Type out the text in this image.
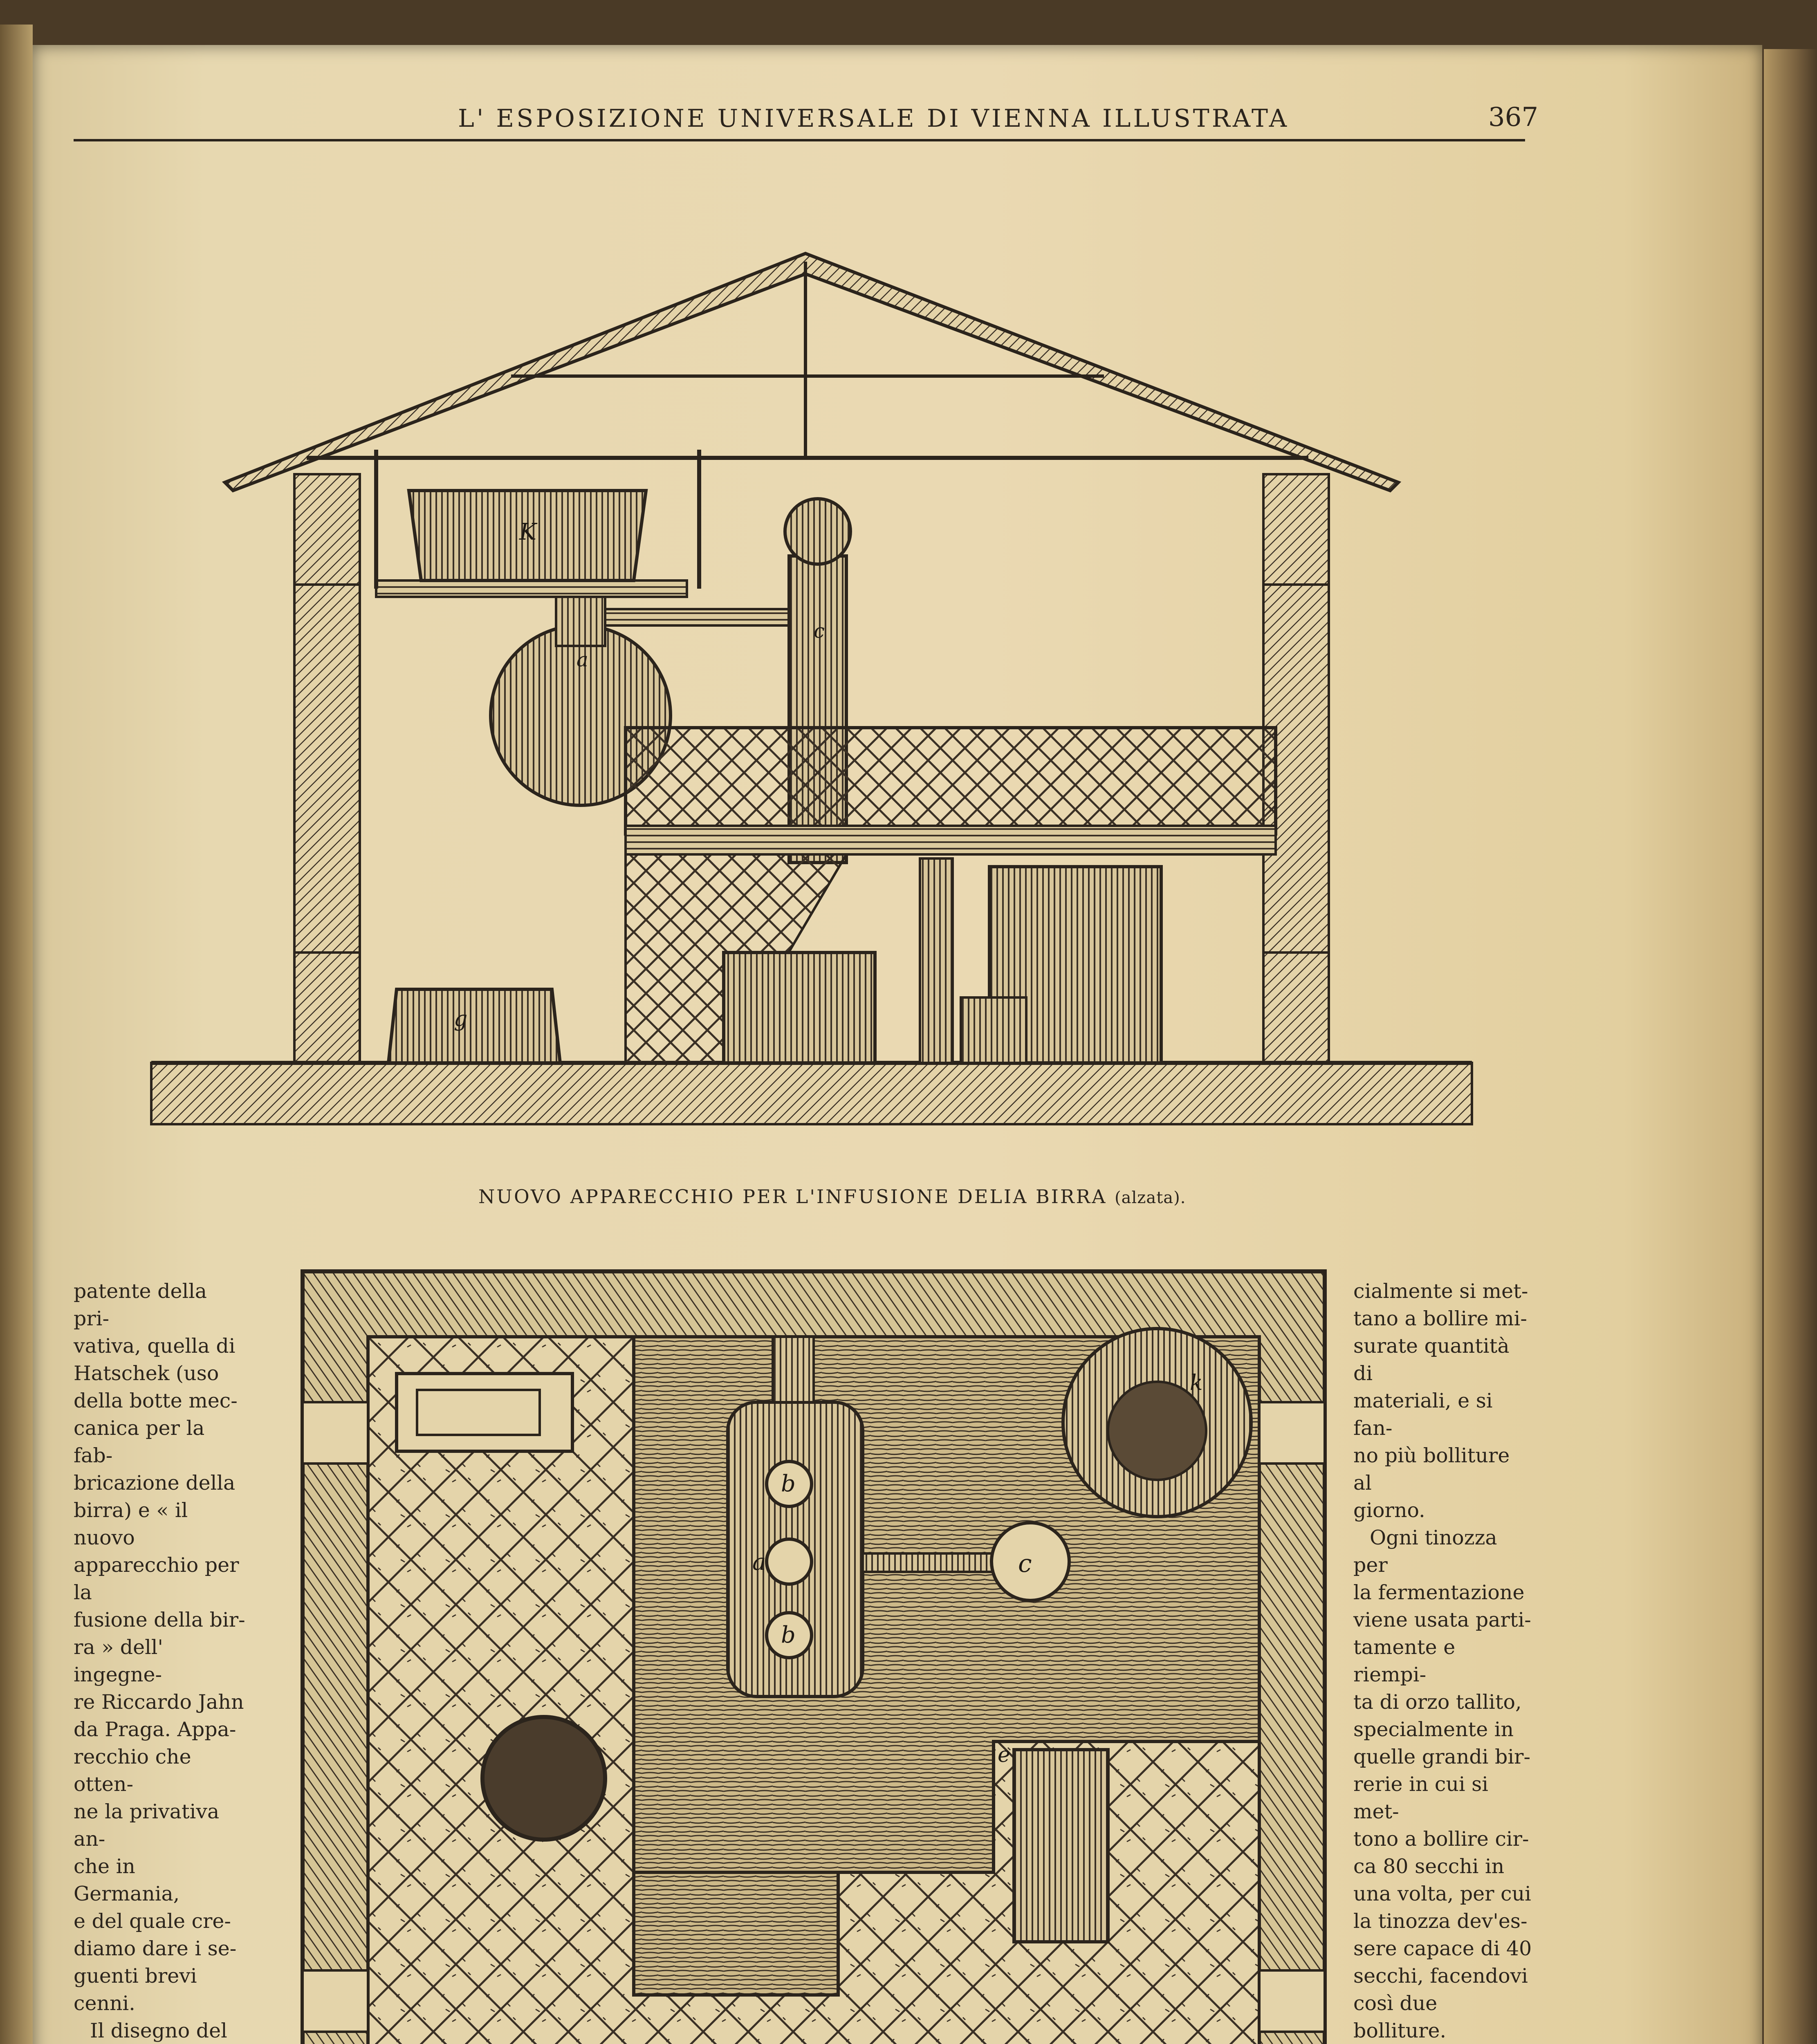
L' ESPOSIZIONE UNIVERSALE DI VIENNA ILLUSTRATA	367
K
a
c
g
NUOVO APPARECCHIO PER L'INFUSIONE DELIA BIRRA (alzata).

patente della pri-

vativa, quella di

Hatschek (uso

della botte mec-

canica per la fab-

bricazione della

birra) e « il nuovo

apparecchio per la

fusione della bir-

ra » dell' ingegne-

re Riccardo Jahn

da Praga. Appa-

recchio che otten-

ne la privativa an-

che in Germania,

e del quale cre-

diamo dare i se-

guenti brevi cenni.

Il disegno del

b
a
b
c
k
e

cialmente si met-

tano a bollire mi-

surate quantità di

materiali, e si fan-

no più bolliture al

giorno.

Ogni tinozza per

la fermentazione

viene usata parti-

tamente e riempi-

ta di orzo tallito,

specialmente in

quelle grandi bir-

rerie in cui si met-

tono a bollire cir-

ca 80 secchi in

una volta, per cui

la tinozza dev'es-

sere capace di 40

secchi, facendovi

così due bolliture.
